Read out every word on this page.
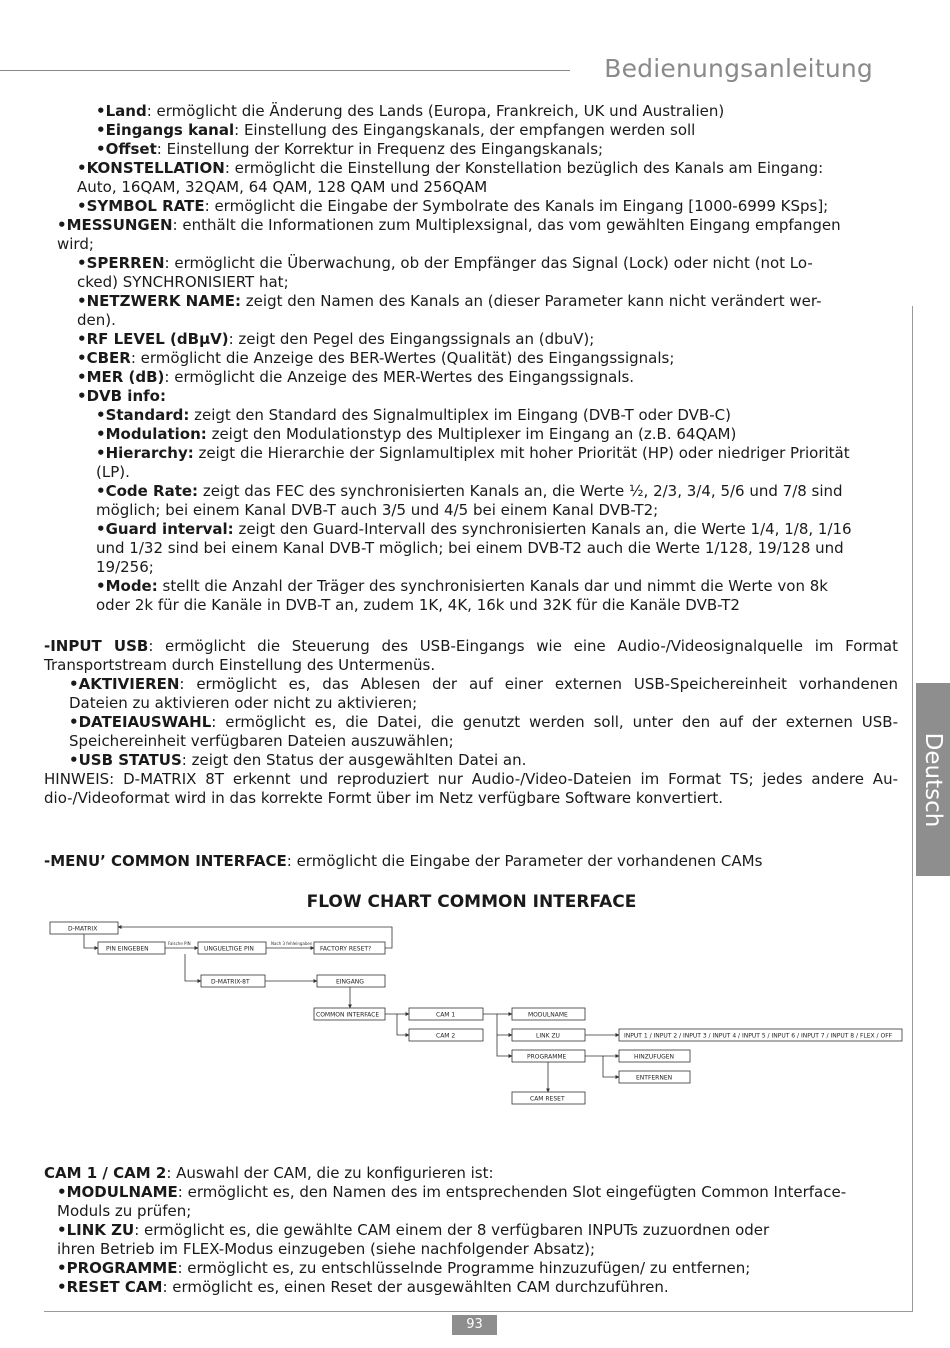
Bedienungsanleitung
Deutsch
93
•Land: ermöglicht die Änderung des Lands (Europa, Frankreich, UK und Australien)
•Eingangs kanal: Einstellung des Eingangskanals, der empfangen werden soll
•Offset: Einstellung der Korrektur in Frequenz des Eingangskanals;
•KONSTELLATION: ermöglicht die Einstellung der Konstellation bezüglich des Kanals am Eingang:
Auto, 16QAM, 32QAM, 64 QAM, 128 QAM und 256QAM
•SYMBOL RATE: ermöglicht die Eingabe der Symbolrate des Kanals im Eingang [1000-6999 KSps];
•MESSUNGEN: enthält die Informationen zum Multiplexsignal, das vom gewählten Eingang empfangen
wird;
•SPERREN: ermöglicht die Überwachung, ob der Empfänger das Signal (Lock) oder nicht (not Lo-
cked) SYNCHRONISIERT hat;
•NETZWERK NAME: zeigt den Namen des Kanals an (dieser Parameter kann nicht verändert wer-
den).
•RF LEVEL (dBµV): zeigt den Pegel des Eingangssignals an (dbuV);
•CBER: ermöglicht die Anzeige des BER-Wertes (Qualität) des Eingangssignals;
•MER (dB): ermöglicht die Anzeige des MER-Wertes des Eingangssignals.
•DVB info:
•Standard: zeigt den Standard des Signalmultiplex im Eingang (DVB-T oder DVB-C)
•Modulation: zeigt den Modulationstyp des Multiplexer im Eingang an (z.B. 64QAM)
•Hierarchy: zeigt die Hierarchie der Signlamultiplex mit hoher Priorität (HP) oder niedriger Priorität
(LP).
•Code Rate: zeigt das FEC des synchronisierten Kanals an, die Werte ½, 2/3, 3/4, 5/6 und 7/8 sind
möglich; bei einem Kanal DVB-T auch 3/5 und 4/5 bei einem Kanal DVB-T2;
•Guard interval: zeigt den Guard-Intervall des synchronisierten Kanals an, die Werte 1/4, 1/8, 1/16
und 1/32 sind bei einem Kanal DVB-T möglich; bei einem DVB-T2 auch die Werte 1/128, 19/128 und
19/256;
•Mode: stellt die Anzahl der Träger des synchronisierten Kanals dar und nimmt die Werte von 8k
oder 2k für die Kanäle in DVB-T an, zudem 1K, 4K, 16k und 32K für die Kanäle DVB-T2
-INPUT USB: ermöglicht die Steuerung des USB-Eingangs wie eine Audio-/Videosignalquelle im Format
Transportstream durch Einstellung des Untermenüs.
•AKTIVIEREN: ermöglicht es, das Ablesen der auf einer externen USB-Speichereinheit vorhandenen
Dateien zu aktivieren oder nicht zu aktivieren;
•DATEIAUSWAHL: ermöglicht es, die Datei, die genutzt werden soll, unter den auf der externen USB-
Speichereinheit verfügbaren Dateien auszuwählen;
•USB STATUS: zeigt den Status der ausgewählten Datei an.
HINWEIS: D-MATRIX 8T erkennt und reproduziert nur Audio-/Video-Dateien im Format TS; jedes andere Au-
dio-/Videoformat wird in das korrekte Formt über im Netz verfügbare Software konvertiert.
-MENU’ COMMON INTERFACE: ermöglicht die Eingabe der Parameter der vorhandenen CAMs
CAM 1 / CAM 2: Auswahl der CAM, die zu konfigurieren ist:
•MODULNAME: ermöglicht es, den Namen des im entsprechenden Slot eingefügten Common Interface-
Moduls zu prüfen;
•LINK ZU: ermöglicht es, die gewählte CAM einem der 8 verfügbaren INPUTs zuzuordnen oder
ihren Betrieb im FLEX-Modus einzugeben (siehe nachfolgender Absatz);
•PROGRAMME: ermöglicht es, zu entschlüsselnde Programme hinzuzufügen/ zu entfernen;
•RESET CAM: ermöglicht es, einen Reset der ausgewählten CAM durchzuführen.
FLOW CHART COMMON INTERFACE
Falsche PIN	Nach 3 fehleingaben
D-MATRIX
PIN EINGEBEN	UNGUELTIGE PIN	FACTORY RESET?
D-MATRIX-8T	EINGANG
COMMON INTERFACE	CAM 1
CAM 2
MODULNAME
LINK ZU
PROGRAMME
CAM RESET
INPUT 1 / INPUT 2 / INPUT 3 / INPUT 4 / INPUT 5 / INPUT 6 / INPUT 7 / INPUT 8 / FLEX / OFF
HINZUFUGEN
ENTFERNEN
